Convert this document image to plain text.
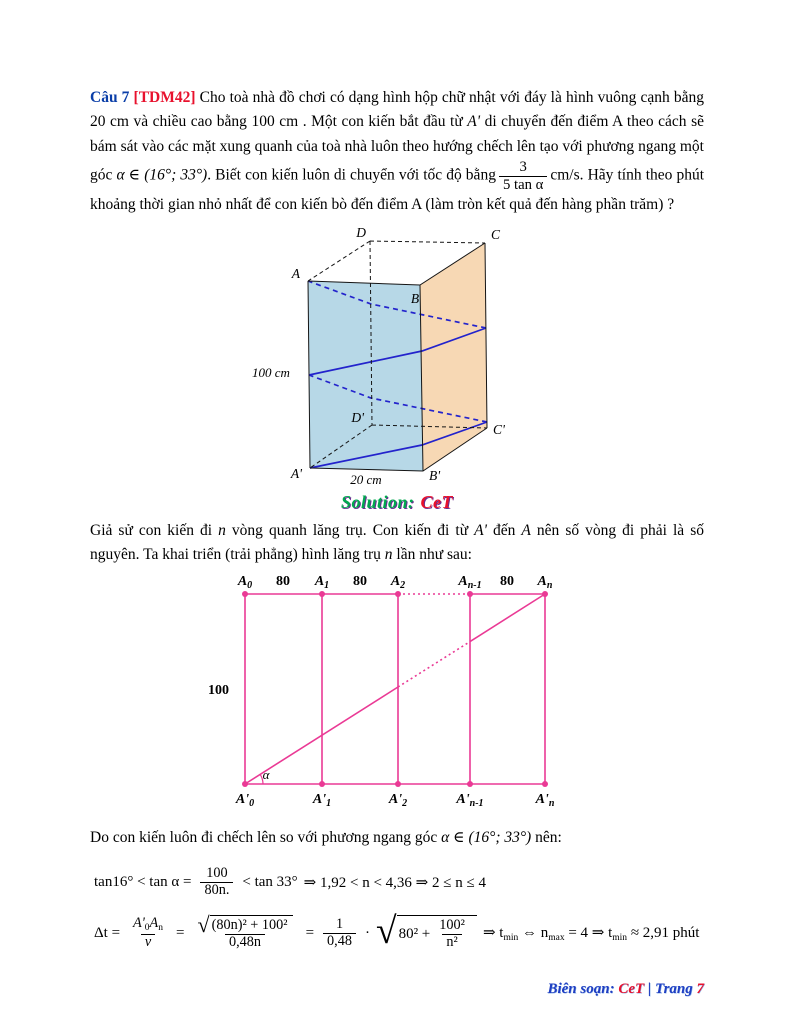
Câu 7 [TDM42] Cho toà nhà đồ chơi có dạng hình hộp chữ nhật với đáy là hình vuông cạnh bằng 20 cm và chiều cao bằng 100 cm . Một con kiến bắt đầu từ A' di chuyển đến điểm A theo cách sẽ bám sát vào các mặt xung quanh của toà nhà luôn theo hướng chếch lên tạo với phương ngang một góc α ∈ (16°; 33°). Biết con kiến luôn di chuyển với tốc độ bằng $\frac{3}{\text{5 tan α}} cm/s$. Hãy tính theo phút khoảng thời gian nhỏ nhất để con kiến bò đến điểm A (làm tròn kết quả đến hàng phần trăm) ?

D	C
A
B
D'
C'
A'	B'
100 cm
20 cm
Solution: CeT

Giả sử con kiến đi n vòng quanh lăng trụ. Con kiến đi từ A' đến A nên số vòng đi phải là số nguyên. Ta khai triển (trải phẳng) hình lăng trụ n lần như sau:

$A_0$ 80 $A_1$ 80 $A_2$	$A_{n-1}$ 80 $A_n$
100
α
$A'_0$	$A'_1$	$A'_2$	$A'_{n-1}$	$A'_n$

Do con kiến luôn đi chếch lên so với phương ngang góc α ∈ (16°; 33°) nên:

$\tan 16^\circ < \tan \alpha = \frac{100}{80n.} < \tan 33^\circ$ ⇒ 1,92 < n < 4,36 ⇒ 2 ≤ n ≤ 4
$\Delta t = \frac{A'_0A_n}{v} = \frac{\text{√ (80n)² + 100²}}{0,48n} = \frac{1}{0,48}$ · √ $80^2 + \frac{\text{100²}}{\text{n²}}$ ⇒ $t_{min}$ ⇔ $n_{max} = 4$ ⇒ $t_{min} \approx 2,91$ phút
Biên soạn: CeT | Trang 7
